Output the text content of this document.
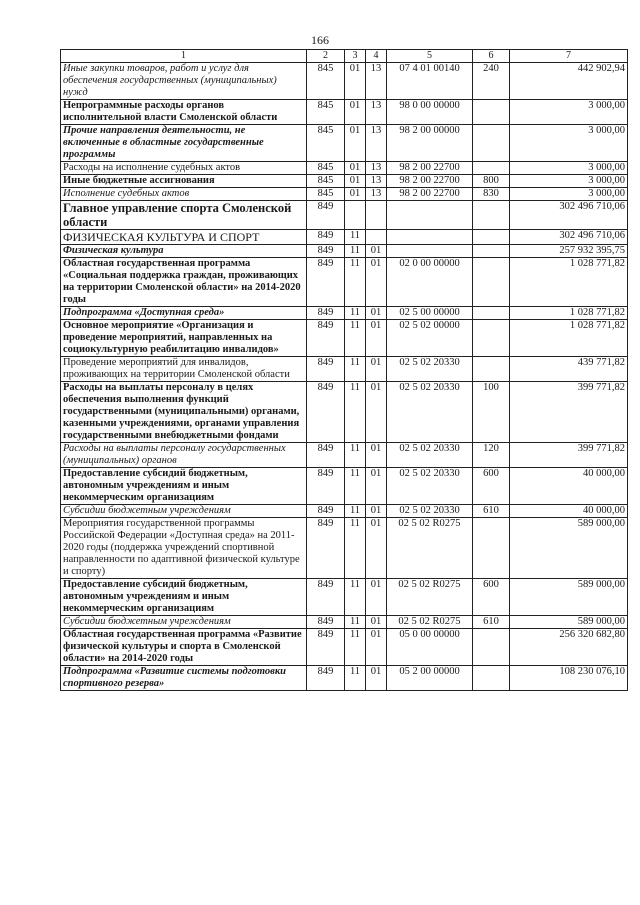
166
1	2	3	4	5	6	7
Иные закупки товаров, работ и услуг для обеспечения государственных (муниципальных) нужд	845	01	13	07 4 01 00140	240	442 902,94
Непрограммные расходы органов исполнительной власти Смоленской области	845	01	13	98 0 00 00000		3 000,00
Прочие направления деятельности, не включенные в областные государственные программы	845	01	13	98 2 00 00000		3 000,00
Расходы на исполнение судебных актов	845	01	13	98 2 00 22700		3 000,00
Иные бюджетные ассигнования	845	01	13	98 2 00 22700	800	3 000,00
Исполнение судебных актов	845	01	13	98 2 00 22700	830	3 000,00
Главное управление спорта Смоленской области	849					302 496 710,06
ФИЗИЧЕСКАЯ КУЛЬТУРА И СПОРТ	849	11				302 496 710,06
Физическая культура	849	11	01			257 932 395,75
Областная государственная программа «Социальная поддержка граждан, проживающих на территории Смоленской области» на 2014-2020 годы	849	11	01	02 0 00 00000		1 028 771,82
Подпрограмма «Доступная среда»	849	11	01	02 5 00 00000		1 028 771,82
Основное мероприятие «Организация и проведение мероприятий, направленных на социокультурную реабилитацию инвалидов»	849	11	01	02 5 02 00000		1 028 771,82
Проведение мероприятий для инвалидов, проживающих на территории Смоленской области	849	11	01	02 5 02 20330		439 771,82
Расходы на выплаты персоналу в целях обеспечения выполнения функций государственными (муниципальными) органами, казенными учреждениями, органами управления государственными внебюджетными фондами	849	11	01	02 5 02 20330	100	399 771,82
Расходы на выплаты персоналу государственных (муниципальных) органов	849	11	01	02 5 02 20330	120	399 771,82
Предоставление субсидий бюджетным, автономным учреждениям и иным некоммерческим организациям	849	11	01	02 5 02 20330	600	40 000,00
Субсидии бюджетным учреждениям	849	11	01	02 5 02 20330	610	40 000,00
Мероприятия государственной программы Российской Федерации «Доступная среда» на 2011-2020 годы (поддержка учреждений спортивной направленности по адаптивной физической культуре и спорту)	849	11	01	02 5 02 R0275		589 000,00
Предоставление субсидий бюджетным, автономным учреждениям и иным некоммерческим организациям	849	11	01	02 5 02 R0275	600	589 000,00
Субсидии бюджетным учреждениям	849	11	01	02 5 02 R0275	610	589 000,00
Областная государственная программа «Развитие физической культуры и спорта в Смоленской области» на 2014-2020 годы	849	11	01	05 0 00 00000		256 320 682,80
Подпрограмма «Развитие системы подготовки спортивного резерва»	849	11	01	05 2 00 00000		108 230 076,10
